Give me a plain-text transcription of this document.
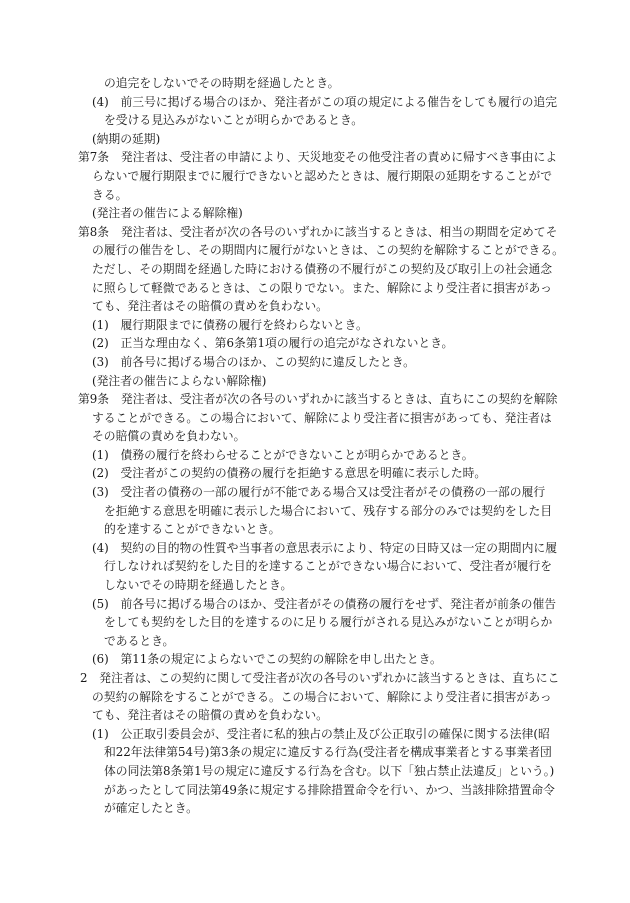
の追完をしないでその時期を経過したとき。
(4)　前三号に掲げる場合のほか、発注者がこの項の規定による催告をしても履行の追完
を受ける見込みがないことが明らかであるとき。
(納期の延期)
第7条　発注者は、受注者の申請により、天災地変その他受注者の責めに帰すべき事由によ
らないで履行期限までに履行できないと認めたときは、履行期限の延期をすることがで
きる。
(発注者の催告による解除権)
第8条　発注者は、受注者が次の各号のいずれかに該当するときは、相当の期間を定めてそ
の履行の催告をし、その期間内に履行がないときは、この契約を解除することができる。
ただし、その期間を経過した時における債務の不履行がこの契約及び取引上の社会通念
に照らして軽微であるときは、この限りでない。また、解除により受注者に損害があっ
ても、発注者はその賠償の責めを負わない。
(1)　履行期限までに債務の履行を終わらないとき。
(2)　正当な理由なく、第6条第1項の履行の追完がなされないとき。
(3)　前各号に掲げる場合のほか、この契約に違反したとき。
(発注者の催告によらない解除権)
第9条　発注者は、受注者が次の各号のいずれかに該当するときは、直ちにこの契約を解除
することができる。この場合において、解除により受注者に損害があっても、発注者は
その賠償の責めを負わない。
(1)　債務の履行を終わらせることができないことが明らかであるとき。
(2)　受注者がこの契約の債務の履行を拒絶する意思を明確に表示した時。
(3)　受注者の債務の一部の履行が不能である場合又は受注者がその債務の一部の履行
を拒絶する意思を明確に表示した場合において、残存する部分のみでは契約をした目
的を達することができないとき。
(4)　契約の目的物の性質や当事者の意思表示により、特定の日時又は一定の期間内に履
行しなければ契約をした目的を達することができない場合において、受注者が履行を
しないでその時期を経過したとき。
(5)　前各号に掲げる場合のほか、受注者がその債務の履行をせず、発注者が前条の催告
をしても契約をした目的を達するのに足りる履行がされる見込みがないことが明らか
であるとき。
(6)　第11条の規定によらないでこの契約の解除を申し出たとき。
2　発注者は、この契約に関して受注者が次の各号のいずれかに該当するときは、直ちにこ
の契約の解除をすることができる。この場合において、解除により受注者に損害があっ
ても、発注者はその賠償の責めを負わない。
(1)　公正取引委員会が、受注者に私的独占の禁止及び公正取引の確保に関する法律(昭
和22年法律第54号)第3条の規定に違反する行為(受注者を構成事業者とする事業者団
体の同法第8条第1号の規定に違反する行為を含む。以下「独占禁止法違反」という。)
があったとして同法第49条に規定する排除措置命令を行い、かつ、当該排除措置命令
が確定したとき。
